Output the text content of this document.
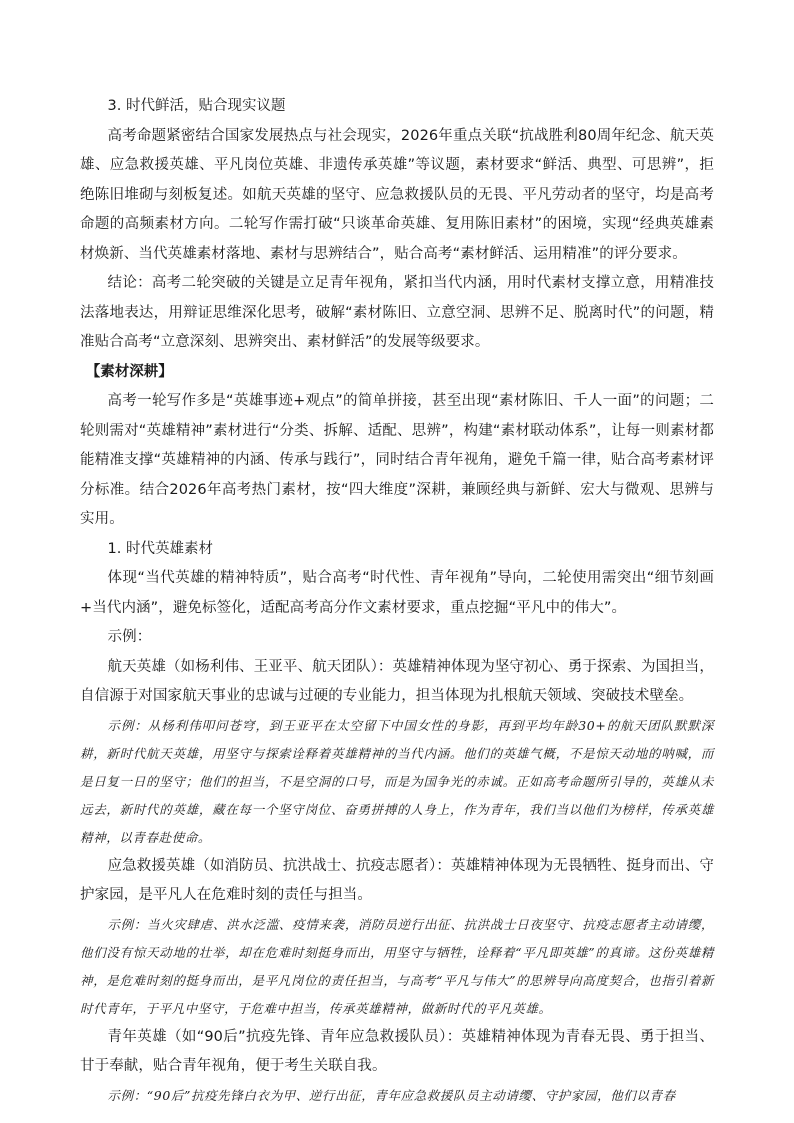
3. 时代鲜活，贴合现实议题

高考命题紧密结合国家发展热点与社会现实，2026年重点关联“抗战胜利80周年纪念、航天英雄、应急救援英雄、平凡岗位英雄、非遗传承英雄”等议题，素材要求“鲜活、典型、可思辨”，拒绝陈旧堆砌与刻板复述。如航天英雄的坚守、应急救援队员的无畏、平凡劳动者的坚守，均是高考命题的高频素材方向。二轮写作需打破“只谈革命英雄、复用陈旧素材”的困境，实现“经典英雄素材焕新、当代英雄素材落地、素材与思辨结合”，贴合高考“素材鲜活、运用精准”的评分要求。

结论：高考二轮突破的关键是立足青年视角，紧扣当代内涵，用时代素材支撑立意，用精准技法落地表达，用辩证思维深化思考，破解“素材陈旧、立意空洞、思辨不足、脱离时代”的问题，精准贴合高考“立意深刻、思辨突出、素材鲜活”的发展等级要求。

【素材深耕】

高考一轮写作多是“英雄事迹+观点”的简单拼接，甚至出现“素材陈旧、千人一面”的问题；二轮则需对“英雄精神”素材进行“分类、拆解、适配、思辨”，构建“素材联动体系”，让每一则素材都能精准支撑“英雄精神的内涵、传承与践行”，同时结合青年视角，避免千篇一律，贴合高考素材评分标准。结合2026年高考热门素材，按“四大维度”深耕，兼顾经典与新鲜、宏大与微观、思辨与实用。

1. 时代英雄素材

体现“当代英雄的精神特质”，贴合高考“时代性、青年视角”导向，二轮使用需突出“细节刻画+当代内涵”，避免标签化，适配高考高分作文素材要求，重点挖掘“平凡中的伟大”。

示例：

航天英雄（如杨利伟、王亚平、航天团队）：英雄精神体现为坚守初心、勇于探索、为国担当，自信源于对国家航天事业的忠诚与过硬的专业能力，担当体现为扎根航天领域、突破技术壁垒。

示例：从杨利伟叩问苍穹，到王亚平在太空留下中国女性的身影，再到平均年龄30+的航天团队默默深耕，新时代航天英雄，用坚守与探索诠释着英雄精神的当代内涵。他们的英雄气概，不是惊天动地的呐喊，而是日复一日的坚守；他们的担当，不是空洞的口号，而是为国争光的赤诚。正如高考命题所引导的，英雄从未远去，新时代的英雄，藏在每一个坚守岗位、奋勇拼搏的人身上，作为青年，我们当以他们为榜样，传承英雄精神，以青春赴使命。

应急救援英雄（如消防员、抗洪战士、抗疫志愿者）：英雄精神体现为无畏牺牲、挺身而出、守护家园，是平凡人在危难时刻的责任与担当。

示例：当火灾肆虐、洪水泛滥、疫情来袭，消防员逆行出征、抗洪战士日夜坚守、抗疫志愿者主动请缨，他们没有惊天动地的壮举，却在危难时刻挺身而出，用坚守与牺牲，诠释着“平凡即英雄”的真谛。这份英雄精神，是危难时刻的挺身而出，是平凡岗位的责任担当，与高考“平凡与伟大”的思辨导向高度契合，也指引着新时代青年，于平凡中坚守，于危难中担当，传承英雄精神，做新时代的平凡英雄。

青年英雄（如“90后”抗疫先锋、青年应急救援队员）：英雄精神体现为青春无畏、勇于担当、甘于奉献，贴合青年视角，便于考生关联自我。

示例：“90后”抗疫先锋白衣为甲、逆行出征，青年应急救援队员主动请缨、守护家园，他们以青春
